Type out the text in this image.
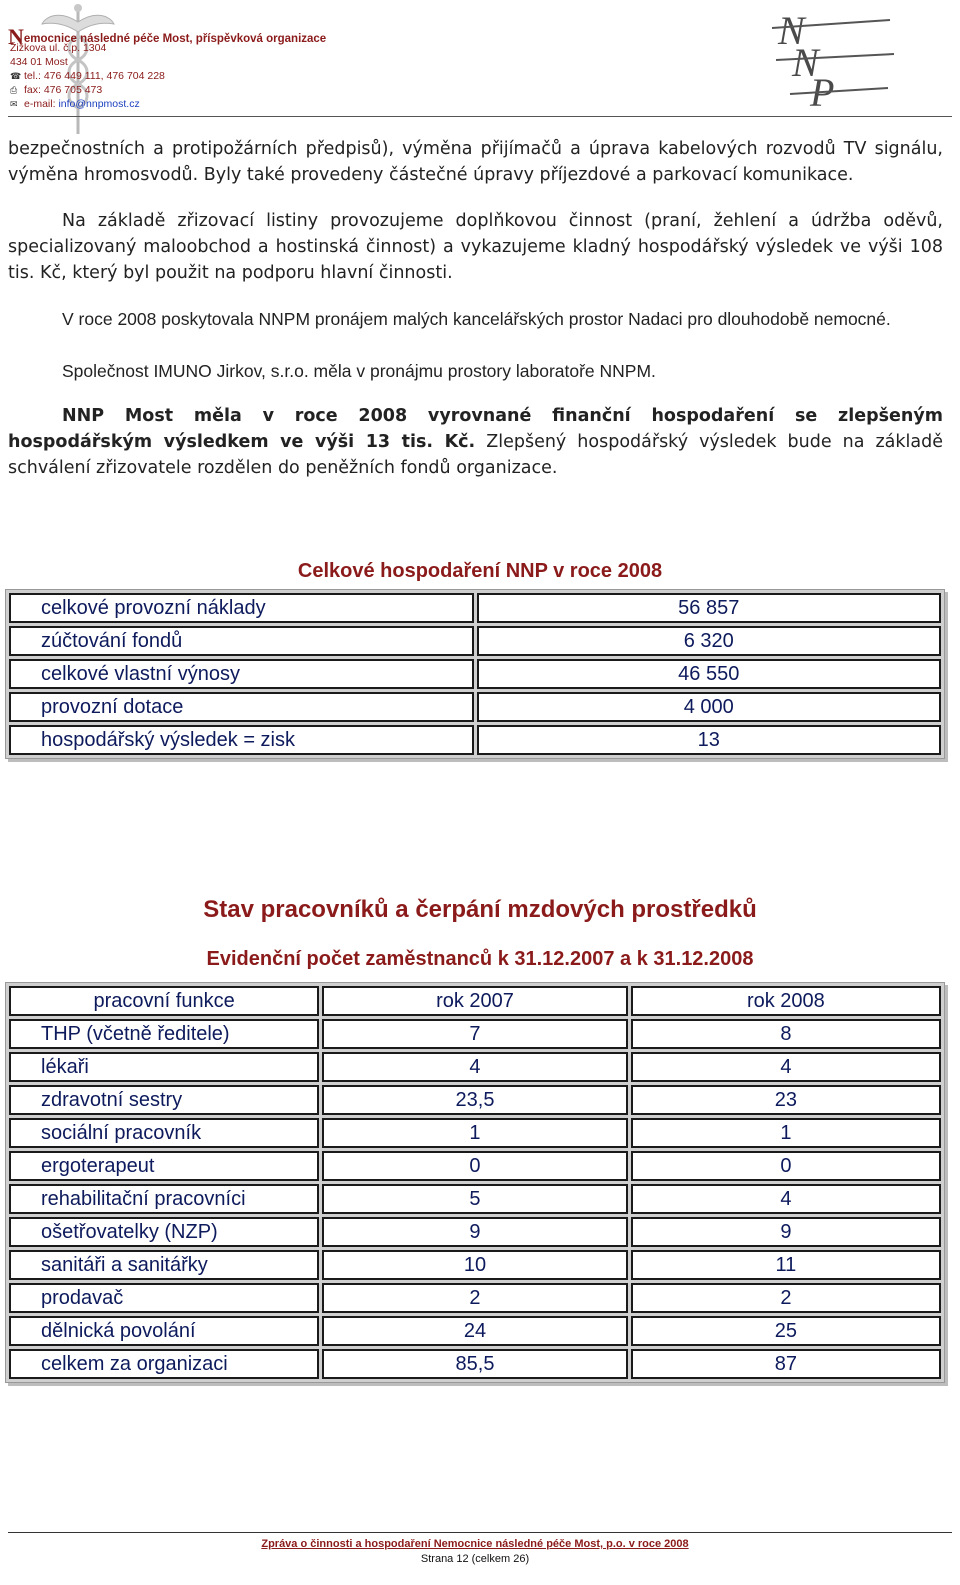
Nemocnice následné péče Most, příspěvková organizace
Žižkova ul. č.p. 1304
434 01 Most
☎ tel.: 476 449 111, 476 704 228
⎙ fax: 476 705 473
✉ e-mail: info@nnpmost.cz
N
N
P
bezpečnostních a protipožárních předpisů), výměna přijímačů a úprava kabelových rozvodů TV signálu, výměna hromosvodů. Byly také provedeny částečné úpravy příjezdové a parkovací komunikace.
Na základě zřizovací listiny provozujeme doplňkovou činnost (praní, žehlení a údržba oděvů, specializovaný maloobchod a hostinská činnost) a vykazujeme kladný hospodářský výsledek ve výši 108 tis. Kč, který byl použit na podporu hlavní činnosti.
V roce 2008 poskytovala NNPM pronájem malých kancelářských prostor Nadaci pro dlouhodobě nemocné.
Společnost IMUNO Jirkov, s.r.o. měla v pronájmu prostory laboratoře NNPM.
NNP Most měla v roce 2008 vyrovnané finanční hospodaření se zlepšeným hospodářským výsledkem ve výši 13 tis. Kč. Zlepšený hospodářský výsledek bude na základě schválení zřizovatele rozdělen do peněžních fondů organizace.
Celkové hospodaření NNP v roce 2008
celkové provozní náklady	56 857
zúčtování fondů	6 320
celkové vlastní výnosy	46 550
provozní dotace	4 000
hospodářský výsledek = zisk	13
Stav pracovníků a čerpání mzdových prostředků
Evidenční počet zaměstnanců k 31.12.2007 a k 31.12.2008
pracovní funkce	rok 2007	rok 2008
THP (včetně ředitele)	7	8
lékaři	4	4
zdravotní sestry	23,5	23
sociální pracovník	1	1
ergoterapeut	0	0
rehabilitační pracovníci	5	4
ošetřovatelky (NZP)	9	9
sanitáři a sanitářky	10	11
prodavač	2	2
dělnická povolání	24	25
celkem za organizaci	85,5	87
Zpráva o činnosti a hospodaření Nemocnice následné péče Most, p.o. v roce 2008
Strana 12 (celkem 26)
